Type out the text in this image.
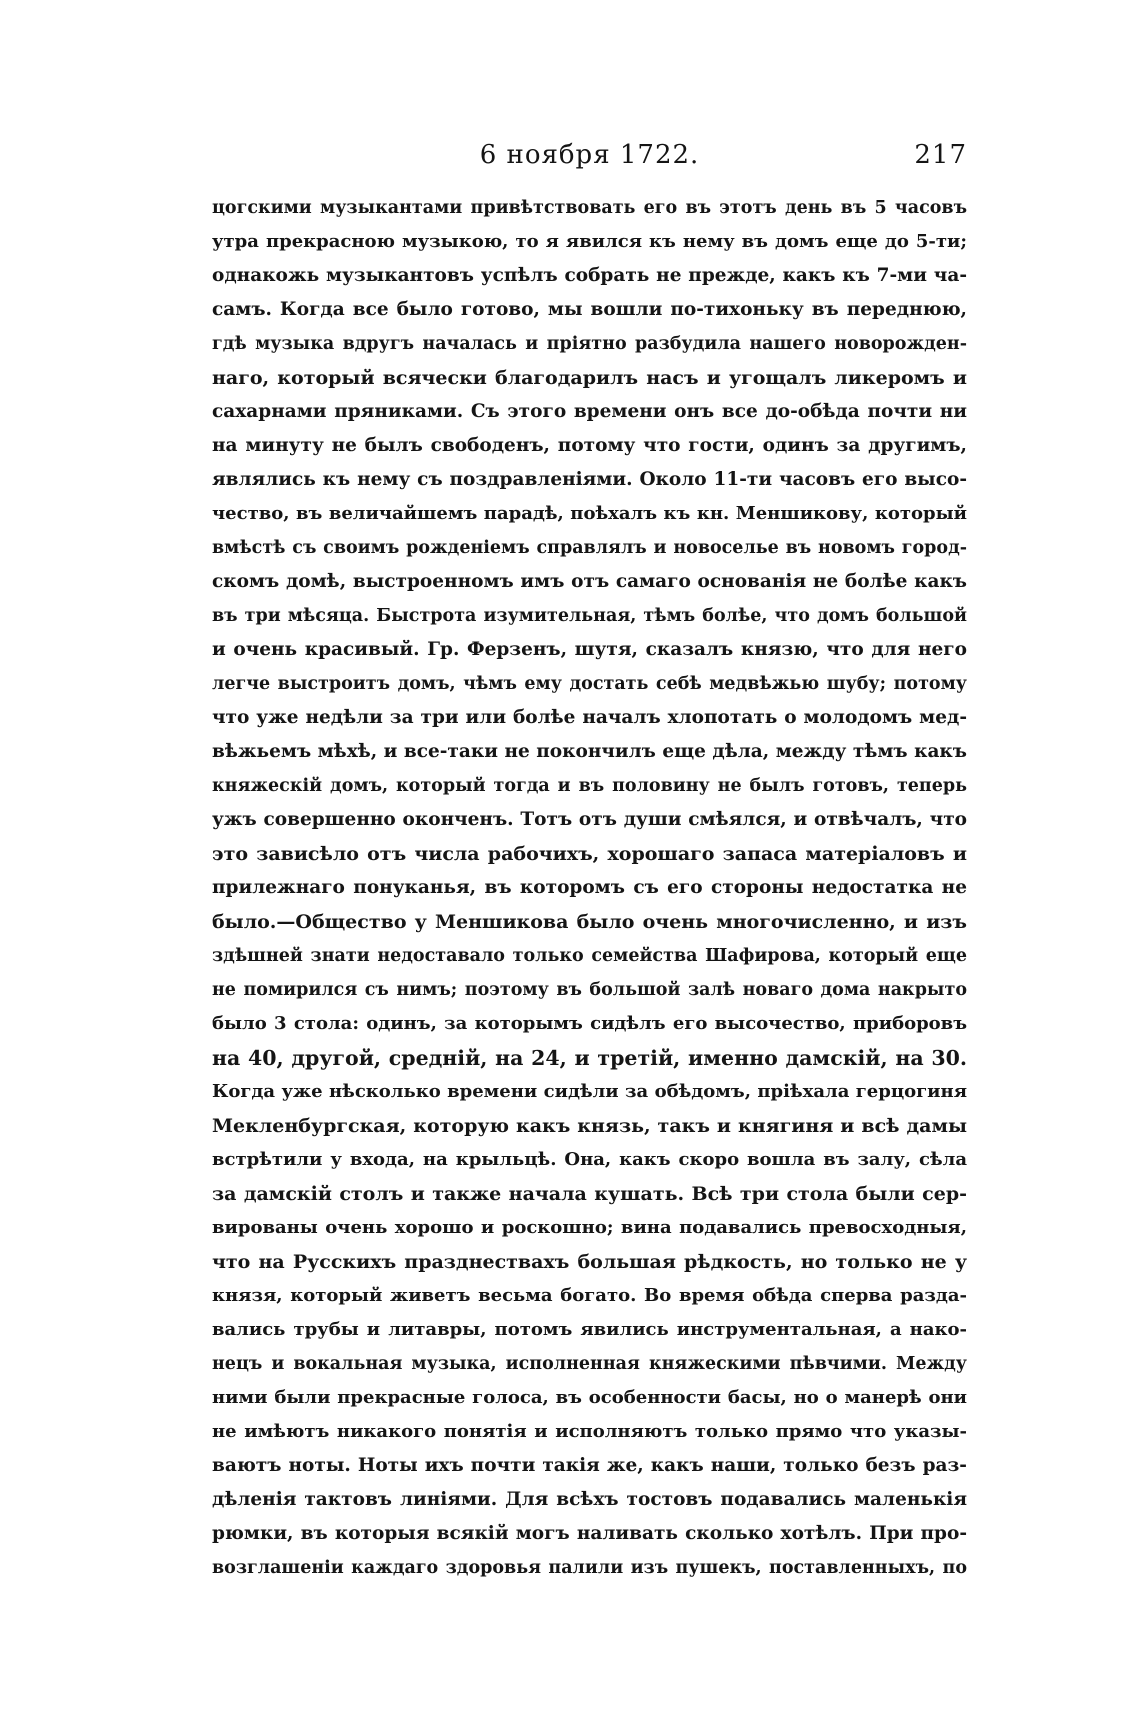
6 ноября 1722.	217
цогскими музыкантами привѣтствовать его въ этотъ день въ 5 часовъ
утра прекрасною музыкою, то я явился къ нему въ домъ еще до 5-ти;
однакожь музыкантовъ успѣлъ собрать не прежде, какъ къ 7-ми ча-
самъ. Когда все было готово, мы вошли по-тихоньку въ переднюю,
гдѣ музыка вдругъ началась и пріятно разбудила нашего новорожден-
наго, который всячески благодарилъ насъ и угощалъ ликеромъ и
сахарнами пряниками. Съ этого времени онъ все до-обѣда почти ни
на минуту не былъ свободенъ, потому что гости, одинъ за другимъ,
являлись къ нему съ поздравленіями. Около 11-ти часовъ его высо-
чество, въ величайшемъ парадѣ, поѣхалъ къ кн. Меншикову, который
вмѣстѣ съ своимъ рожденіемъ справлялъ и новоселье въ новомъ город-
скомъ домѣ, выстроенномъ имъ отъ самаго основанія не болѣе какъ
въ три мѣсяца. Быстрота изумительная, тѣмъ болѣе, что домъ большой
и очень красивый. Гр. Ферзенъ, шутя, сказалъ князю, что для него
легче выстроитъ домъ, чѣмъ ему достать себѣ медвѣжью шубу; потому
что уже недѣли за три или болѣе началъ хлопотать о молодомъ мед-
вѣжьемъ мѣхѣ, и все-таки не покончилъ еще дѣла, между тѣмъ какъ
княжескій домъ, который тогда и въ половину не былъ готовъ, теперь
ужъ совершенно оконченъ. Тотъ отъ души смѣялся, и отвѣчалъ, что
это зависѣло отъ числа рабочихъ, хорошаго запаса матеріаловъ и
прилежнаго понуканья, въ которомъ съ его стороны недостатка не
было.—Общество у Меншикова было очень многочисленно, и изъ
здѣшней знати недоставало только семейства Шафирова, который еще
не помирился съ нимъ; поэтому въ большой залѣ новаго дома накрыто
было 3 стола: одинъ, за которымъ сидѣлъ его высочество, приборовъ
на 40, другой, средній, на 24, и третій, именно дамскій, на 30.
Когда уже нѣсколько времени сидѣли за обѣдомъ, пріѣхала герцогиня
Мекленбургская, которую какъ князь, такъ и княгиня и всѣ дамы
встрѣтили у входа, на крыльцѣ. Она, какъ скоро вошла въ залу, сѣла
за дамскій столъ и также начала кушать. Всѣ три стола были сер-
вированы очень хорошо и роскошно; вина подавались превосходныя,
что на Русскихъ празднествахъ большая рѣдкость, но только не у
князя, который живетъ весьма богато. Во время обѣда сперва разда-
вались трубы и литавры, потомъ явились инструментальная, а нако-
нецъ и вокальная музыка, исполненная княжескими пѣвчими. Между
ними были прекрасные голоса, въ особенности басы, но о манерѣ они
не имѣютъ никакого понятія и исполняютъ только прямо что указы-
ваютъ ноты. Ноты ихъ почти такія же, какъ наши, только безъ раз-
дѣленія тактовъ линіями. Для всѣхъ тостовъ подавались маленькія
рюмки, въ которыя всякій могъ наливать сколько хотѣлъ. При про-
возглашеніи каждаго здоровья палили изъ пушекъ, поставленныхъ, по
